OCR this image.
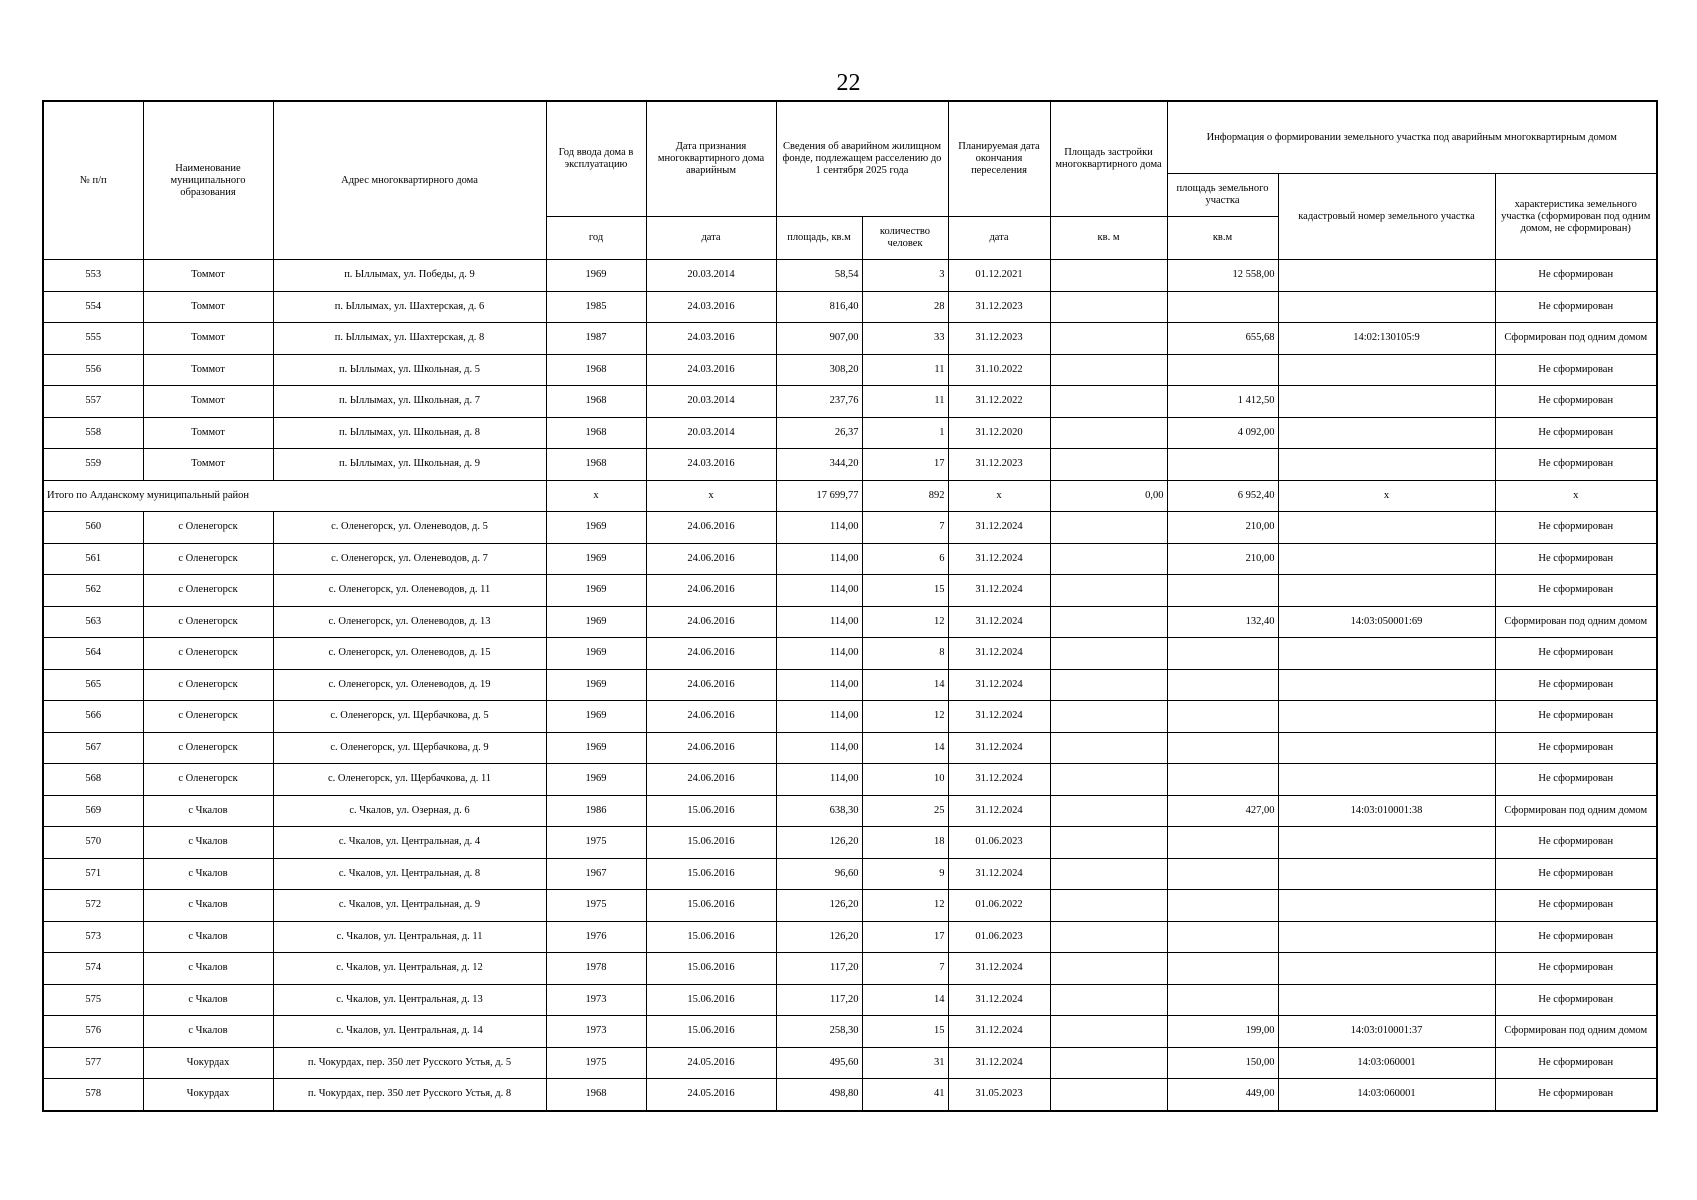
22
№ п/п	Наименование муниципального образования	Адрес многоквартирного дома	Год ввода дома в эксплуатацию	Дата признания многоквартирного дома аварийным	Сведения об аварийном жилищном фонде, подлежащем расселению до 1 сентября 2025 года		Планируемая дата окончания переселения	Площадь застройки многоквартирного дома	Информация о формировании земельного участка под аварийным многоквартирным домом		
									площадь земельного участка	кадастровый номер земельного участка	характеристика земельного участка (сформирован под одним домом, не сформирован)
			год	дата	площадь, кв.м	количество человек	дата	кв. м	кв.м		
553	Томмот	п. Ыллымах, ул. Победы, д. 9	1969	20.03.2014	58,54	3	01.12.2021		12 558,00		Не сформирован
554	Томмот	п. Ыллымах, ул. Шахтерская, д. 6	1985	24.03.2016	816,40	28	31.12.2023				Не сформирован
555	Томмот	п. Ыллымах, ул. Шахтерская, д. 8	1987	24.03.2016	907,00	33	31.12.2023		655,68	14:02:130105:9	Сформирован под одним домом
556	Томмот	п. Ыллымах, ул. Школьная, д. 5	1968	24.03.2016	308,20	11	31.10.2022				Не сформирован
557	Томмот	п. Ыллымах, ул. Школьная, д. 7	1968	20.03.2014	237,76	11	31.12.2022		1 412,50		Не сформирован
558	Томмот	п. Ыллымах, ул. Школьная, д. 8	1968	20.03.2014	26,37	1	31.12.2020		4 092,00		Не сформирован
559	Томмот	п. Ыллымах, ул. Школьная, д. 9	1968	24.03.2016	344,20	17	31.12.2023				Не сформирован
Итого по Алданскому муниципальный район			x	x	17 699,77	892	x	0,00	6 952,40	x	x
560	с Оленегорск	с. Оленегорск, ул. Оленеводов, д. 5	1969	24.06.2016	114,00	7	31.12.2024		210,00		Не сформирован
561	с Оленегорск	с. Оленегорск, ул. Оленеводов, д. 7	1969	24.06.2016	114,00	6	31.12.2024		210,00		Не сформирован
562	с Оленегорск	с. Оленегорск, ул. Оленеводов, д. 11	1969	24.06.2016	114,00	15	31.12.2024				Не сформирован
563	с Оленегорск	с. Оленегорск, ул. Оленеводов, д. 13	1969	24.06.2016	114,00	12	31.12.2024		132,40	14:03:050001:69	Сформирован под одним домом
564	с Оленегорск	с. Оленегорск, ул. Оленеводов, д. 15	1969	24.06.2016	114,00	8	31.12.2024				Не сформирован
565	с Оленегорск	с. Оленегорск, ул. Оленеводов, д. 19	1969	24.06.2016	114,00	14	31.12.2024				Не сформирован
566	с Оленегорск	с. Оленегорск, ул. Щербачкова, д. 5	1969	24.06.2016	114,00	12	31.12.2024				Не сформирован
567	с Оленегорск	с. Оленегорск, ул. Щербачкова, д. 9	1969	24.06.2016	114,00	14	31.12.2024				Не сформирован
568	с Оленегорск	с. Оленегорск, ул. Щербачкова, д. 11	1969	24.06.2016	114,00	10	31.12.2024				Не сформирован
569	с Чкалов	с. Чкалов, ул. Озерная, д. 6	1986	15.06.2016	638,30	25	31.12.2024		427,00	14:03:010001:38	Сформирован под одним домом
570	с Чкалов	с. Чкалов, ул. Центральная, д. 4	1975	15.06.2016	126,20	18	01.06.2023				Не сформирован
571	с Чкалов	с. Чкалов, ул. Центральная, д. 8	1967	15.06.2016	96,60	9	31.12.2024				Не сформирован
572	с Чкалов	с. Чкалов, ул. Центральная, д. 9	1975	15.06.2016	126,20	12	01.06.2022				Не сформирован
573	с Чкалов	с. Чкалов, ул. Центральная, д. 11	1976	15.06.2016	126,20	17	01.06.2023				Не сформирован
574	с Чкалов	с. Чкалов, ул. Центральная, д. 12	1978	15.06.2016	117,20	7	31.12.2024				Не сформирован
575	с Чкалов	с. Чкалов, ул. Центральная, д. 13	1973	15.06.2016	117,20	14	31.12.2024				Не сформирован
576	с Чкалов	с. Чкалов, ул. Центральная, д. 14	1973	15.06.2016	258,30	15	31.12.2024		199,00	14:03:010001:37	Сформирован под одним домом
577	Чокурдах	п. Чокурдах, пер. 350 лет Русского Устья, д. 5	1975	24.05.2016	495,60	31	31.12.2024		150,00	14:03:060001	Не сформирован
578	Чокурдах	п. Чокурдах, пер. 350 лет Русского Устья, д. 8	1968	24.05.2016	498,80	41	31.05.2023		449,00	14:03:060001	Не сформирован
